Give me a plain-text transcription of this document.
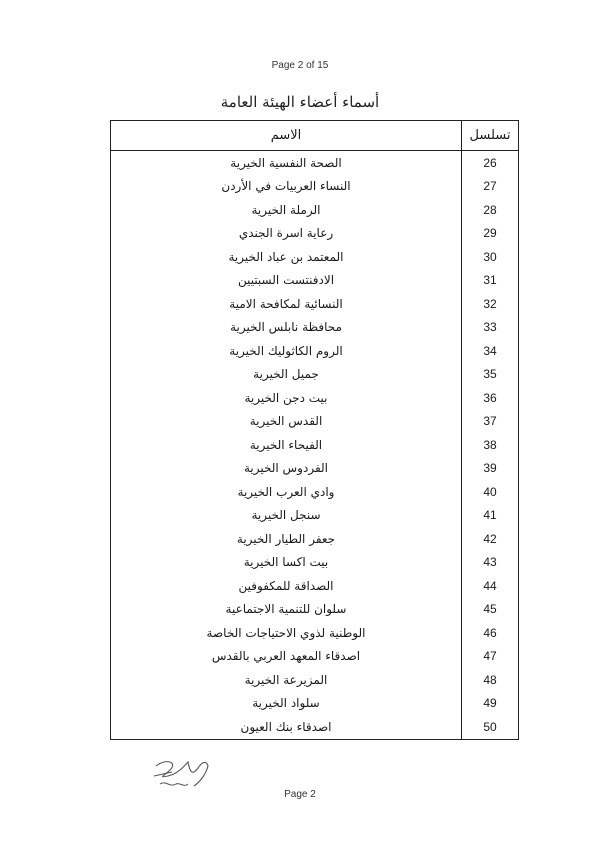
Page 2 of 15
أسماء أعضاء الهيئة العامة
تسلسل	الاسم
26	الصحة النفسية الخيرية
27	النساء العربيات في الأردن
28	الرملة الخيرية
29	رعاية اسرة الجندي
30	المعتمد بن عباد الخيرية
31	الادفنتست السبتيين
32	النسائية لمكافحة الامية
33	محافظة نابلس الخيرية
34	الروم الكاثوليك الخيرية
35	جميل الخيرية
36	بيت دجن الخيرية
37	القدس الخيرية
38	الفيحاء الخيرية
39	الفردوس الخيرية
40	وادي العرب الخيرية
41	سنجل الخيرية
42	جعفر الطيار الخيرية
43	بيت اكسا الخيرية
44	الصداقة للمكفوفين
45	سلوان للتنمية الاجتماعية
46	الوطنية لذوي الاحتياجات الخاصة
47	اصدقاء المعهد العربي بالقدس
48	المزيرعة الخيرية
49	سلواد الخيرية
50	اصدقاء بنك العيون
Page 2
